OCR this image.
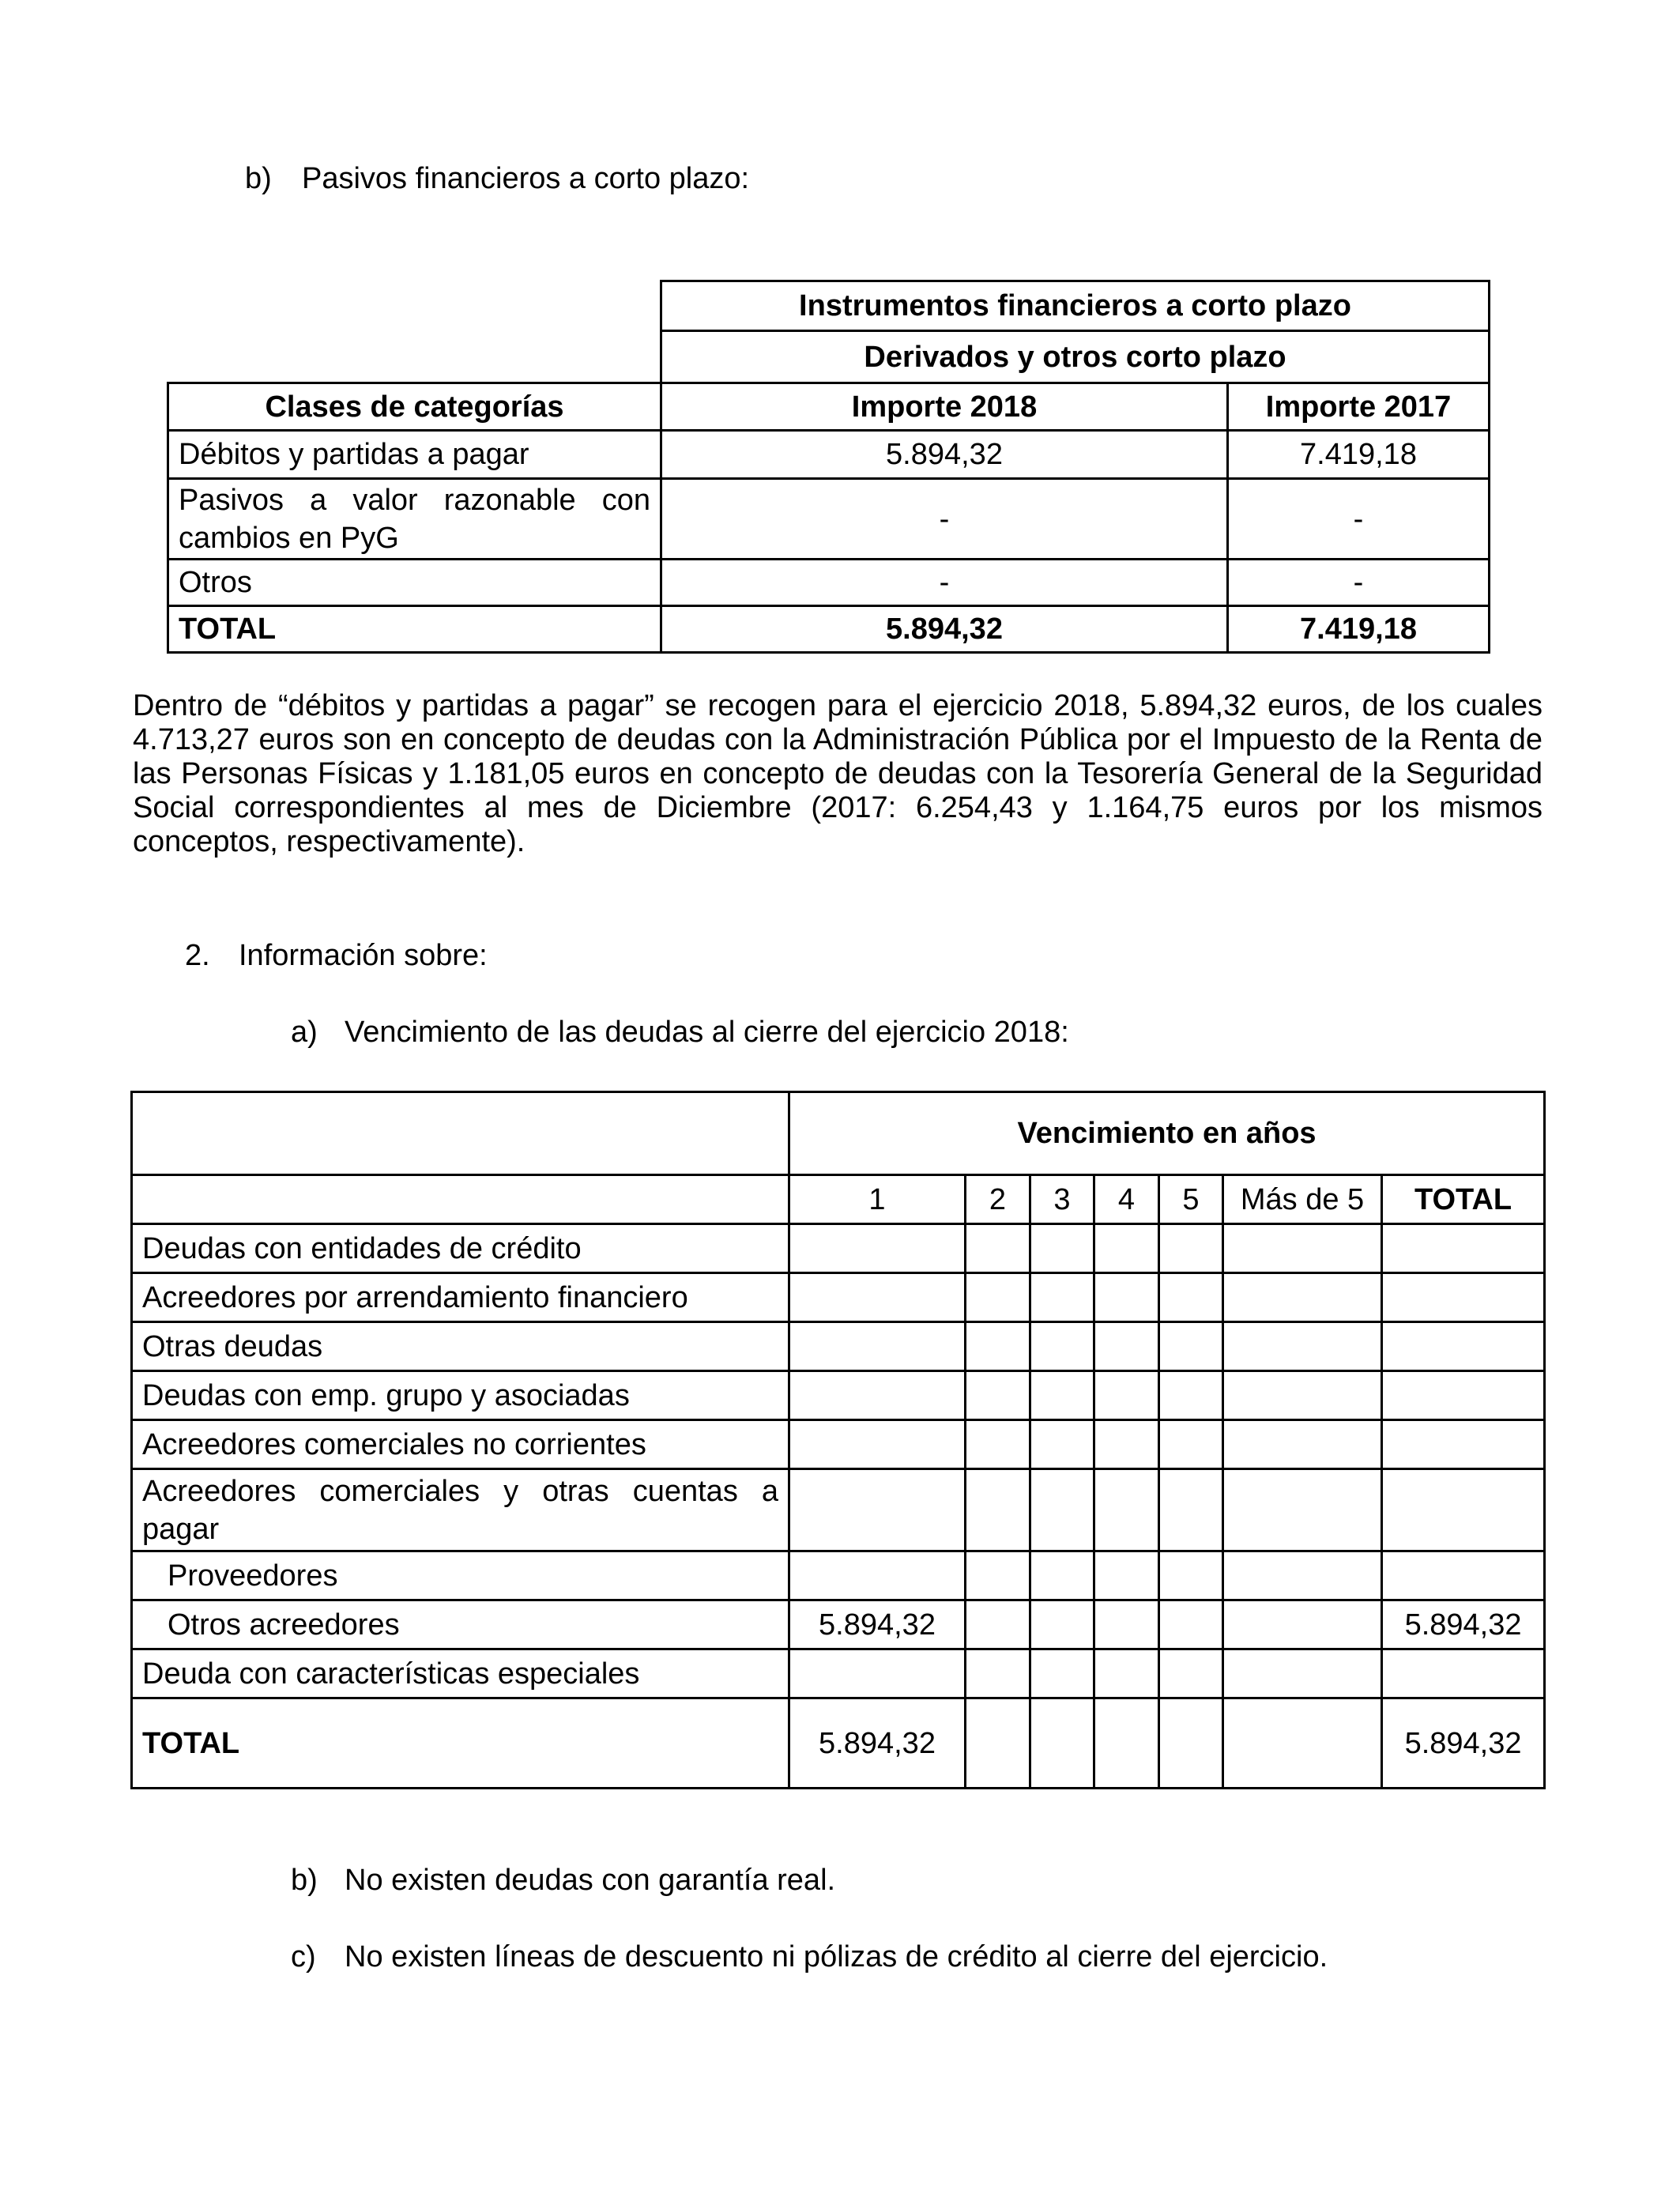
b) Pasivos financieros a corto plazo:

	Instrumentos financieros a corto plazo	
	Derivados y otros corto plazo	
Clases de categorías	Importe 2018	Importe 2017
Débitos y partidas a pagar	5.894,32	7.419,18

Pasivos a valor razonable con
cambios en PyG	-	-
Otros	-	-
TOTAL	5.894,32	7.419,18

Dentro de “débitos y partidas a pagar” se recogen para el ejercicio 2018, 5.894,32 euros, de los cuales 4.713,27 euros son en concepto de deudas con la Administración Pública por el Impuesto de la Renta de las Personas Físicas y 1.181,05 euros en concepto de deudas con la Tesorería General de la Seguridad Social correspondientes al mes de Diciembre (2017: 6.254,43 y 1.164,75 euros por los mismos conceptos, respectivamente).

2. Información sobre:

a) Vencimiento de las deudas al cierre del ejercicio 2018:

	Vencimiento en años						
	1	2	3	4	5	Más de 5	TOTAL
Deudas con entidades de crédito							
Acreedores por arrendamiento financiero							
Otras deudas							
Deudas con emp. grupo y asociadas							
Acreedores comerciales no corrientes							

Acreedores comerciales y otras cuentas a
pagar							

Proveedores							
Otros acreedores	5.894,32						5.894,32
Deuda con características especiales							
TOTAL	5.894,32						5.894,32

b) No existen deudas con garantía real.

c) No existen líneas de descuento ni pólizas de crédito al cierre del ejercicio.
